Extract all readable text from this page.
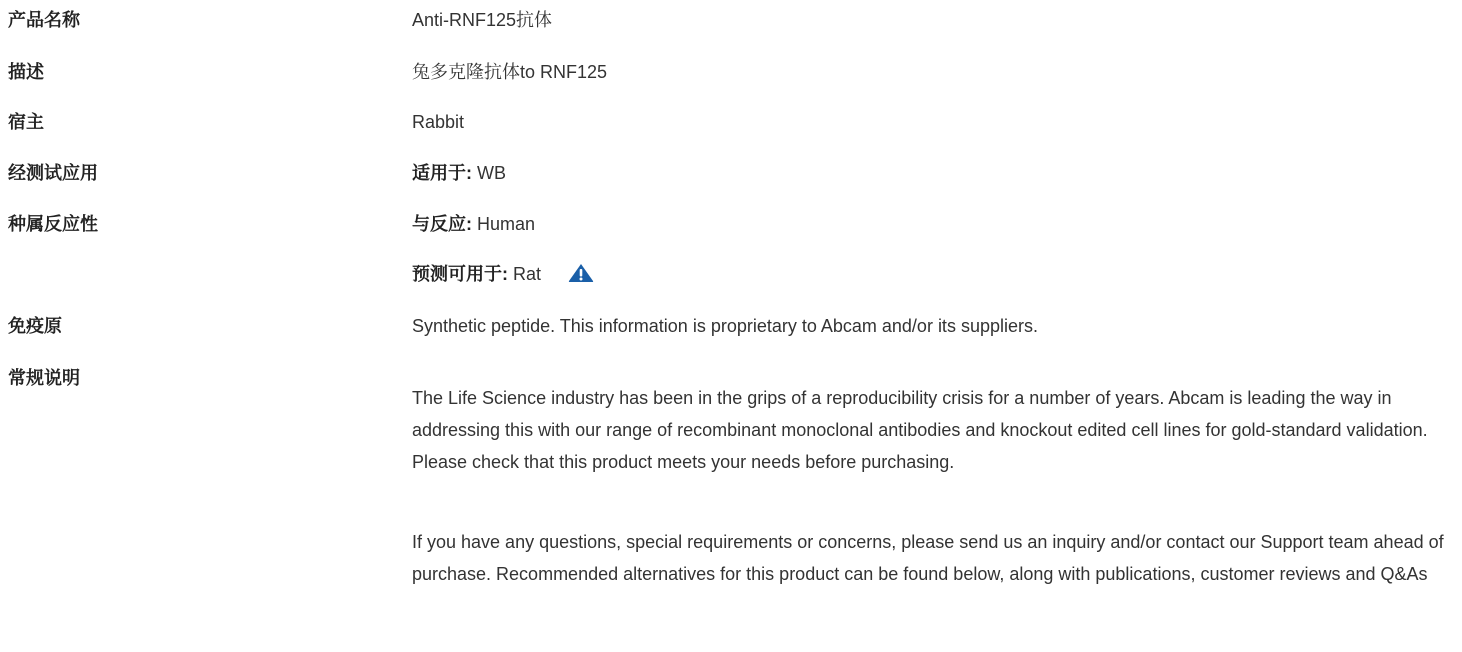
产品名称	Anti-RNF125抗体
描述	兔多克隆抗体to RNF125
宿主	Rabbit
经测试应用	适用于: WB
种属反应性	与反应: Human
预测可用于: Rat
免疫原	Synthetic peptide. This information is proprietary to Abcam and/or its suppliers.
常规说明
The Life Science industry has been in the grips of a reproducibility crisis for a number of years. Abcam is leading the way in addressing this with our range of recombinant monoclonal antibodies and knockout edited cell lines for gold-standard validation. Please check that this product meets your needs before purchasing.
If you have any questions, special requirements or concerns, please send us an inquiry and/or contact our Support team ahead of purchase. Recommended alternatives for this product can be found below, along with publications, customer reviews and Q&As
